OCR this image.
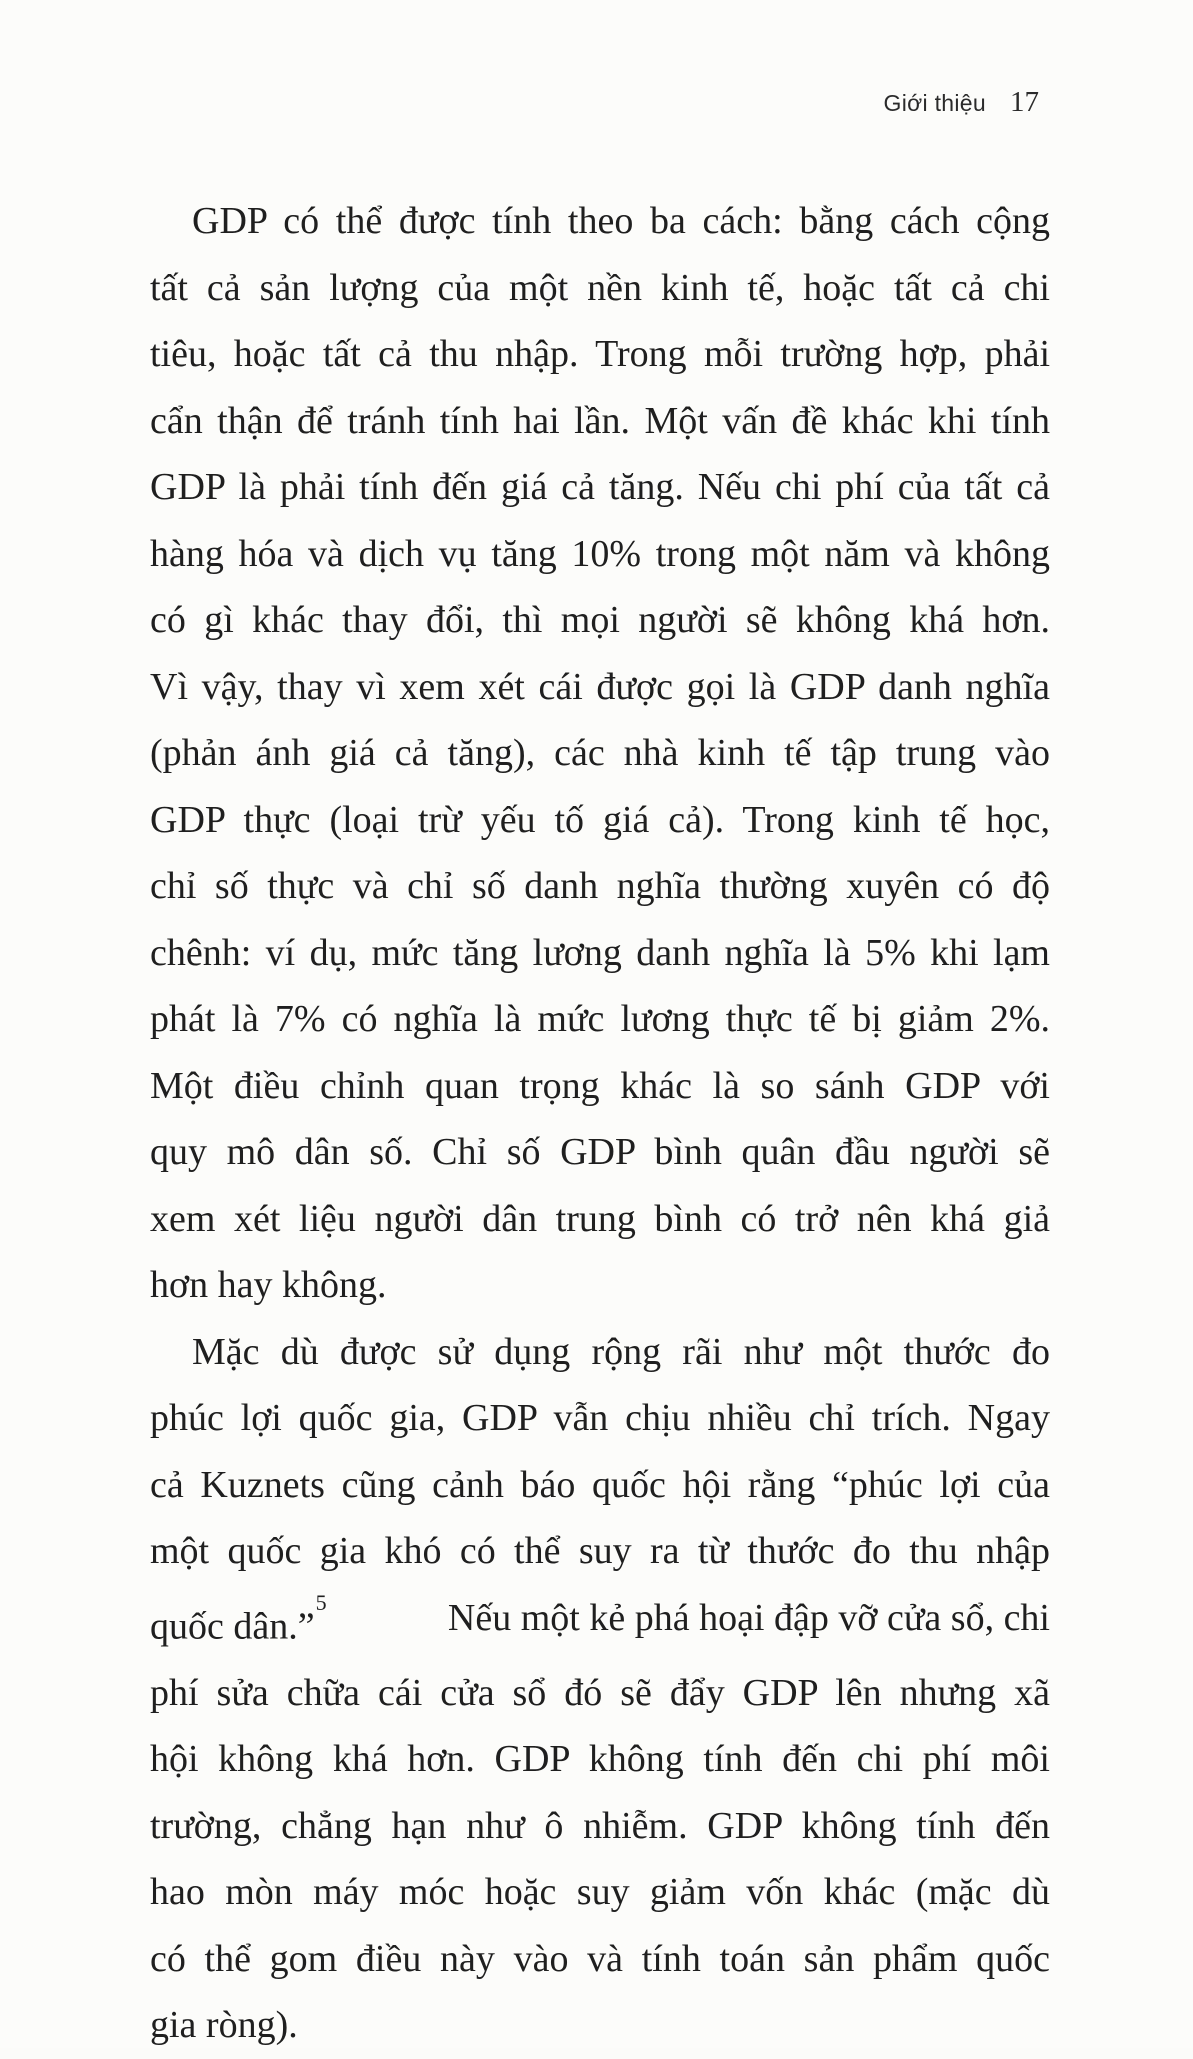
Giới thiệu 17

GDP có thể được tính theo ba cách: bằng cách cộng
tất cả sản lượng của một nền kinh tế, hoặc tất cả chi
tiêu, hoặc tất cả thu nhập. Trong mỗi trường hợp, phải
cẩn thận để tránh tính hai lần. Một vấn đề khác khi tính
GDP là phải tính đến giá cả tăng. Nếu chi phí của tất cả
hàng hóa và dịch vụ tăng 10% trong một năm và không
có gì khác thay đổi, thì mọi người sẽ không khá hơn.
Vì vậy, thay vì xem xét cái được gọi là GDP danh nghĩa
(phản ánh giá cả tăng), các nhà kinh tế tập trung vào
GDP thực (loại trừ yếu tố giá cả). Trong kinh tế học,
chỉ số thực và chỉ số danh nghĩa thường xuyên có độ
chênh: ví dụ, mức tăng lương danh nghĩa là 5% khi lạm
phát là 7% có nghĩa là mức lương thực tế bị giảm 2%.
Một điều chỉnh quan trọng khác là so sánh GDP với
quy mô dân số. Chỉ số GDP bình quân đầu người sẽ
xem xét liệu người dân trung bình có trở nên khá giả
hơn hay không.

Mặc dù được sử dụng rộng rãi như một thước đo
phúc lợi quốc gia, GDP vẫn chịu nhiều chỉ trích. Ngay
cả Kuznets cũng cảnh báo quốc hội rằng “phúc lợi của
một quốc gia khó có thể suy ra từ thước đo thu nhập
quốc dân.”$^5$	Nếu một kẻ phá hoại đập vỡ cửa sổ, chi
phí sửa chữa cái cửa sổ đó sẽ đẩy GDP lên nhưng xã
hội không khá hơn. GDP không tính đến chi phí môi
trường, chẳng hạn như ô nhiễm. GDP không tính đến
hao mòn máy móc hoặc suy giảm vốn khác (mặc dù
có thể gom điều này vào và tính toán sản phẩm quốc
gia ròng).
